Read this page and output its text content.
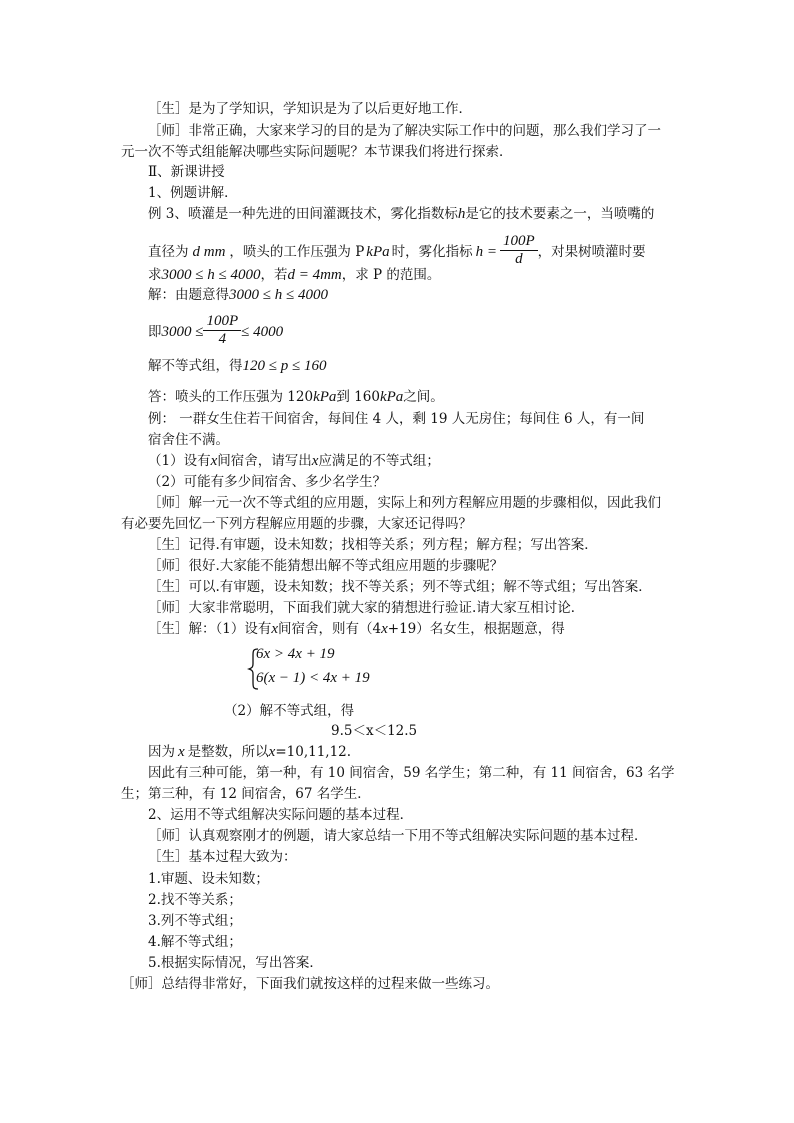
［生］是为了学知识，学知识是为了以后更好地工作．
［师］非常正确，大家来学习的目的是为了解决实际工作中的问题，那么我们学习了一
元一次不等式组能解决哪些实际问题呢？本节课我们将进行探索．
Ⅱ、新课讲授
1、例题讲解．
例 3、喷灌是一种先进的田间灌溉技术，雾化指数标h是它的技术要素之一，当喷嘴的
直径为 d mm ，喷头的工作压强为 P kPa 时，雾化指标 $h = \frac{100P}{d}$ ，对果树喷灌时要
求3000 ≤ h ≤ 4000，若d = 4mm，求 P 的范围。
解：由题意得3000 ≤ h ≤ 4000
即$3000 \le \frac{100P}{4} \le 4000$
解不等式组，得120 ≤ p ≤ 160
答：喷头的工作压强为 120kPa到 160kPa之间。
例： 一群女生住若干间宿舍，每间住 4 人，剩 19 人无房住；每间住 6 人，有一间
宿舍住不满。
（1）设有x间宿舍，请写出x应满足的不等式组；
（2）可能有多少间宿舍、多少名学生？
［师］解一元一次不等式组的应用题，实际上和列方程解应用题的步骤相似，因此我们
有必要先回忆一下列方程解应用题的步骤，大家还记得吗？
［生］记得.有审题，设未知数；找相等关系；列方程；解方程；写出答案．
［师］很好.大家能不能猜想出解不等式组应用题的步骤呢？
［生］可以.有审题，设未知数；找不等关系；列不等式组；解不等式组；写出答案．
［师］大家非常聪明，下面我们就大家的猜想进行验证.请大家互相讨论．
［生］解：（1）设有x间宿舍，则有（4x+19）名女生，根据题意，得
6x > 4x + 19
6(x − 1) < 4x + 19
（2）解不等式组，得
9.5＜x＜12.5
因为 x 是整数，所以x=10,11,12.
因此有三种可能，第一种，有 10 间宿舍，59 名学生；第二种，有 11 间宿舍，63 名学
生；第三种，有 12 间宿舍，67 名学生．
2、运用不等式组解决实际问题的基本过程．
［师］认真观察刚才的例题，请大家总结一下用不等式组解决实际问题的基本过程．
［生］基本过程大致为：
1.审题、设未知数；
2.找不等关系；
3.列不等式组；
4.解不等式组；
5.根据实际情况，写出答案．
［师］总结得非常好，下面我们就按这样的过程来做一些练习。
